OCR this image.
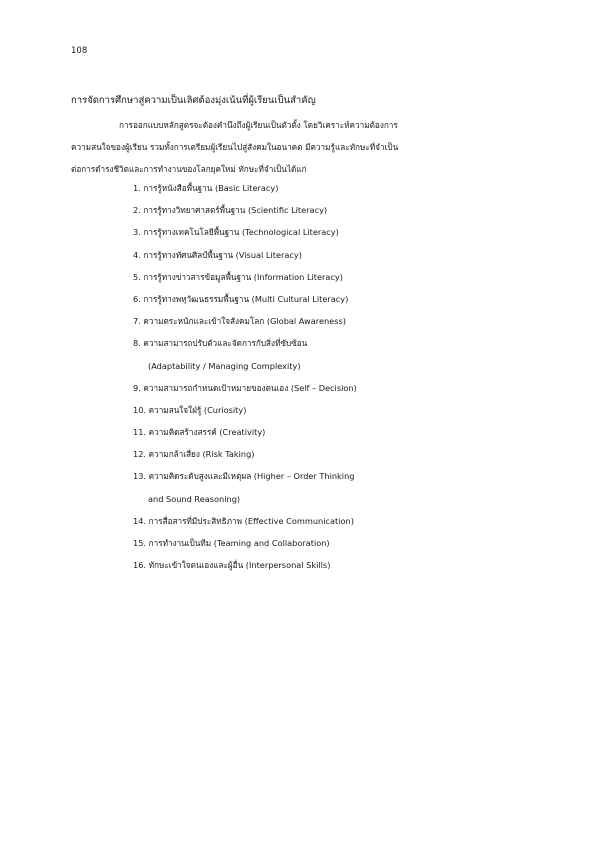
108
การจัดการศึกษาสู่ความเป็นเลิศต้องมุ่งเน้นที่ผู้เรียนเป็นสำคัญ
การออกแบบหลักสูตรจะต้องคำนึงถึงผู้เรียนเป็นตัวตั้ง โดยวิเคราะห์ความต้องการ
ความสนใจของผู้เรียน รวมทั้งการเตรียมผู้เรียนไปสู่สังคมในอนาคต มีความรู้และทักษะที่จำเป็น
ต่อการดำรงชีวิตและการทำงานของโลกยุคใหม่ ทักษะที่จำเป็นได้แก่
1. การรู้หนังสือพื้นฐาน (Basic Literacy)
2. การรู้ทางวิทยาศาสตร์พื้นฐาน (Scientific Literacy)
3. การรู้ทางเทคโนโลยีพื้นฐาน (Technological Literacy)
4. การรู้ทางทัศนศิลป์พื้นฐาน (Visual Literacy)
5. การรู้ทางข่าวสารข้อมูลพื้นฐาน (Information Literacy)
6. การรู้ทางพหุวัฒนธรรมพื้นฐาน (Multi Cultural Literacy)
7. ความตระหนักและเข้าใจสังคมโลก (Global Awareness)
8. ความสามารถปรับตัวและจัดการกับสิ่งที่ซับซ้อน
(Adaptability / Managing Complexity)
9. ความสามารถกำหนดเป้าหมายของตนเอง (Self – Decision)
10. ความสนใจใฝ่รู้ (Curiosity)
11. ความคิดสร้างสรรค์ (Creativity)
12. ความกล้าเสี่ยง (Risk Taking)
13. ความคิดระดับสูงและมีเหตุผล (Higher – Order Thinking
and Sound Reasoning)
14. การสื่อสารที่มีประสิทธิภาพ (Effective Communication)
15. การทำงานเป็นทีม (Teaming and Collaboration)
16. ทักษะเข้าใจตนเองและผู้อื่น (Interpersonal Skills)
